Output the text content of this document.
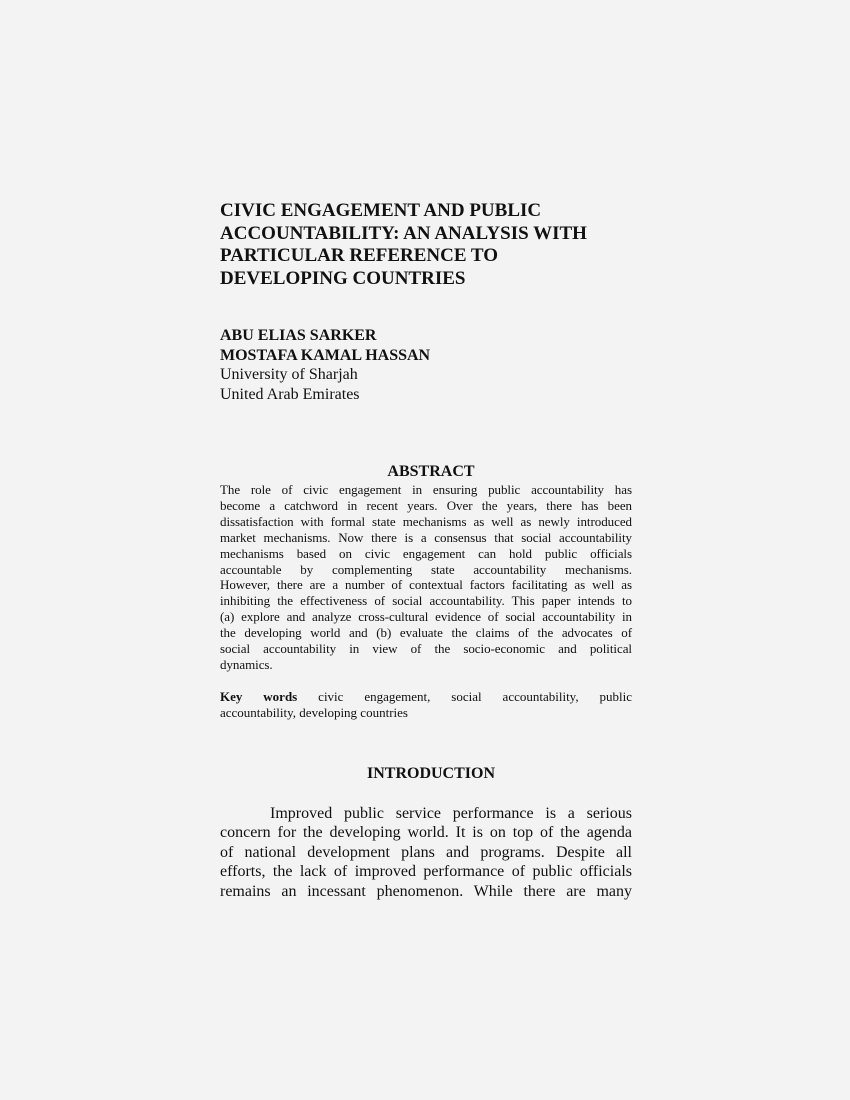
CIVIC ENGAGEMENT AND PUBLIC
ACCOUNTABILITY: AN ANALYSIS WITH
PARTICULAR REFERENCE TO
DEVELOPING COUNTRIES
ABU ELIAS SARKER
MOSTAFA KAMAL HASSAN
University of Sharjah
United Arab Emirates
ABSTRACT
The role of civic engagement in ensuring public accountability has
become a catchword in recent years. Over the years, there has been
dissatisfaction with formal state mechanisms as well as newly introduced
market mechanisms. Now there is a consensus that social accountability
mechanisms based on civic engagement can hold public officials
accountable by complementing state accountability mechanisms.
However, there are a number of contextual factors facilitating as well as
inhibiting the effectiveness of social accountability. This paper intends to
(a) explore and analyze cross-cultural evidence of social accountability in
the developing world and (b) evaluate the claims of the advocates of
social accountability in view of the socio-economic and political
dynamics.
Key words civic engagement, social accountability, public
accountability, developing countries
INTRODUCTION
Improved public service performance is a serious
concern for the developing world. It is on top of the agenda
of national development plans and programs. Despite all
efforts, the lack of improved performance of public officials
remains an incessant phenomenon. While there are many
